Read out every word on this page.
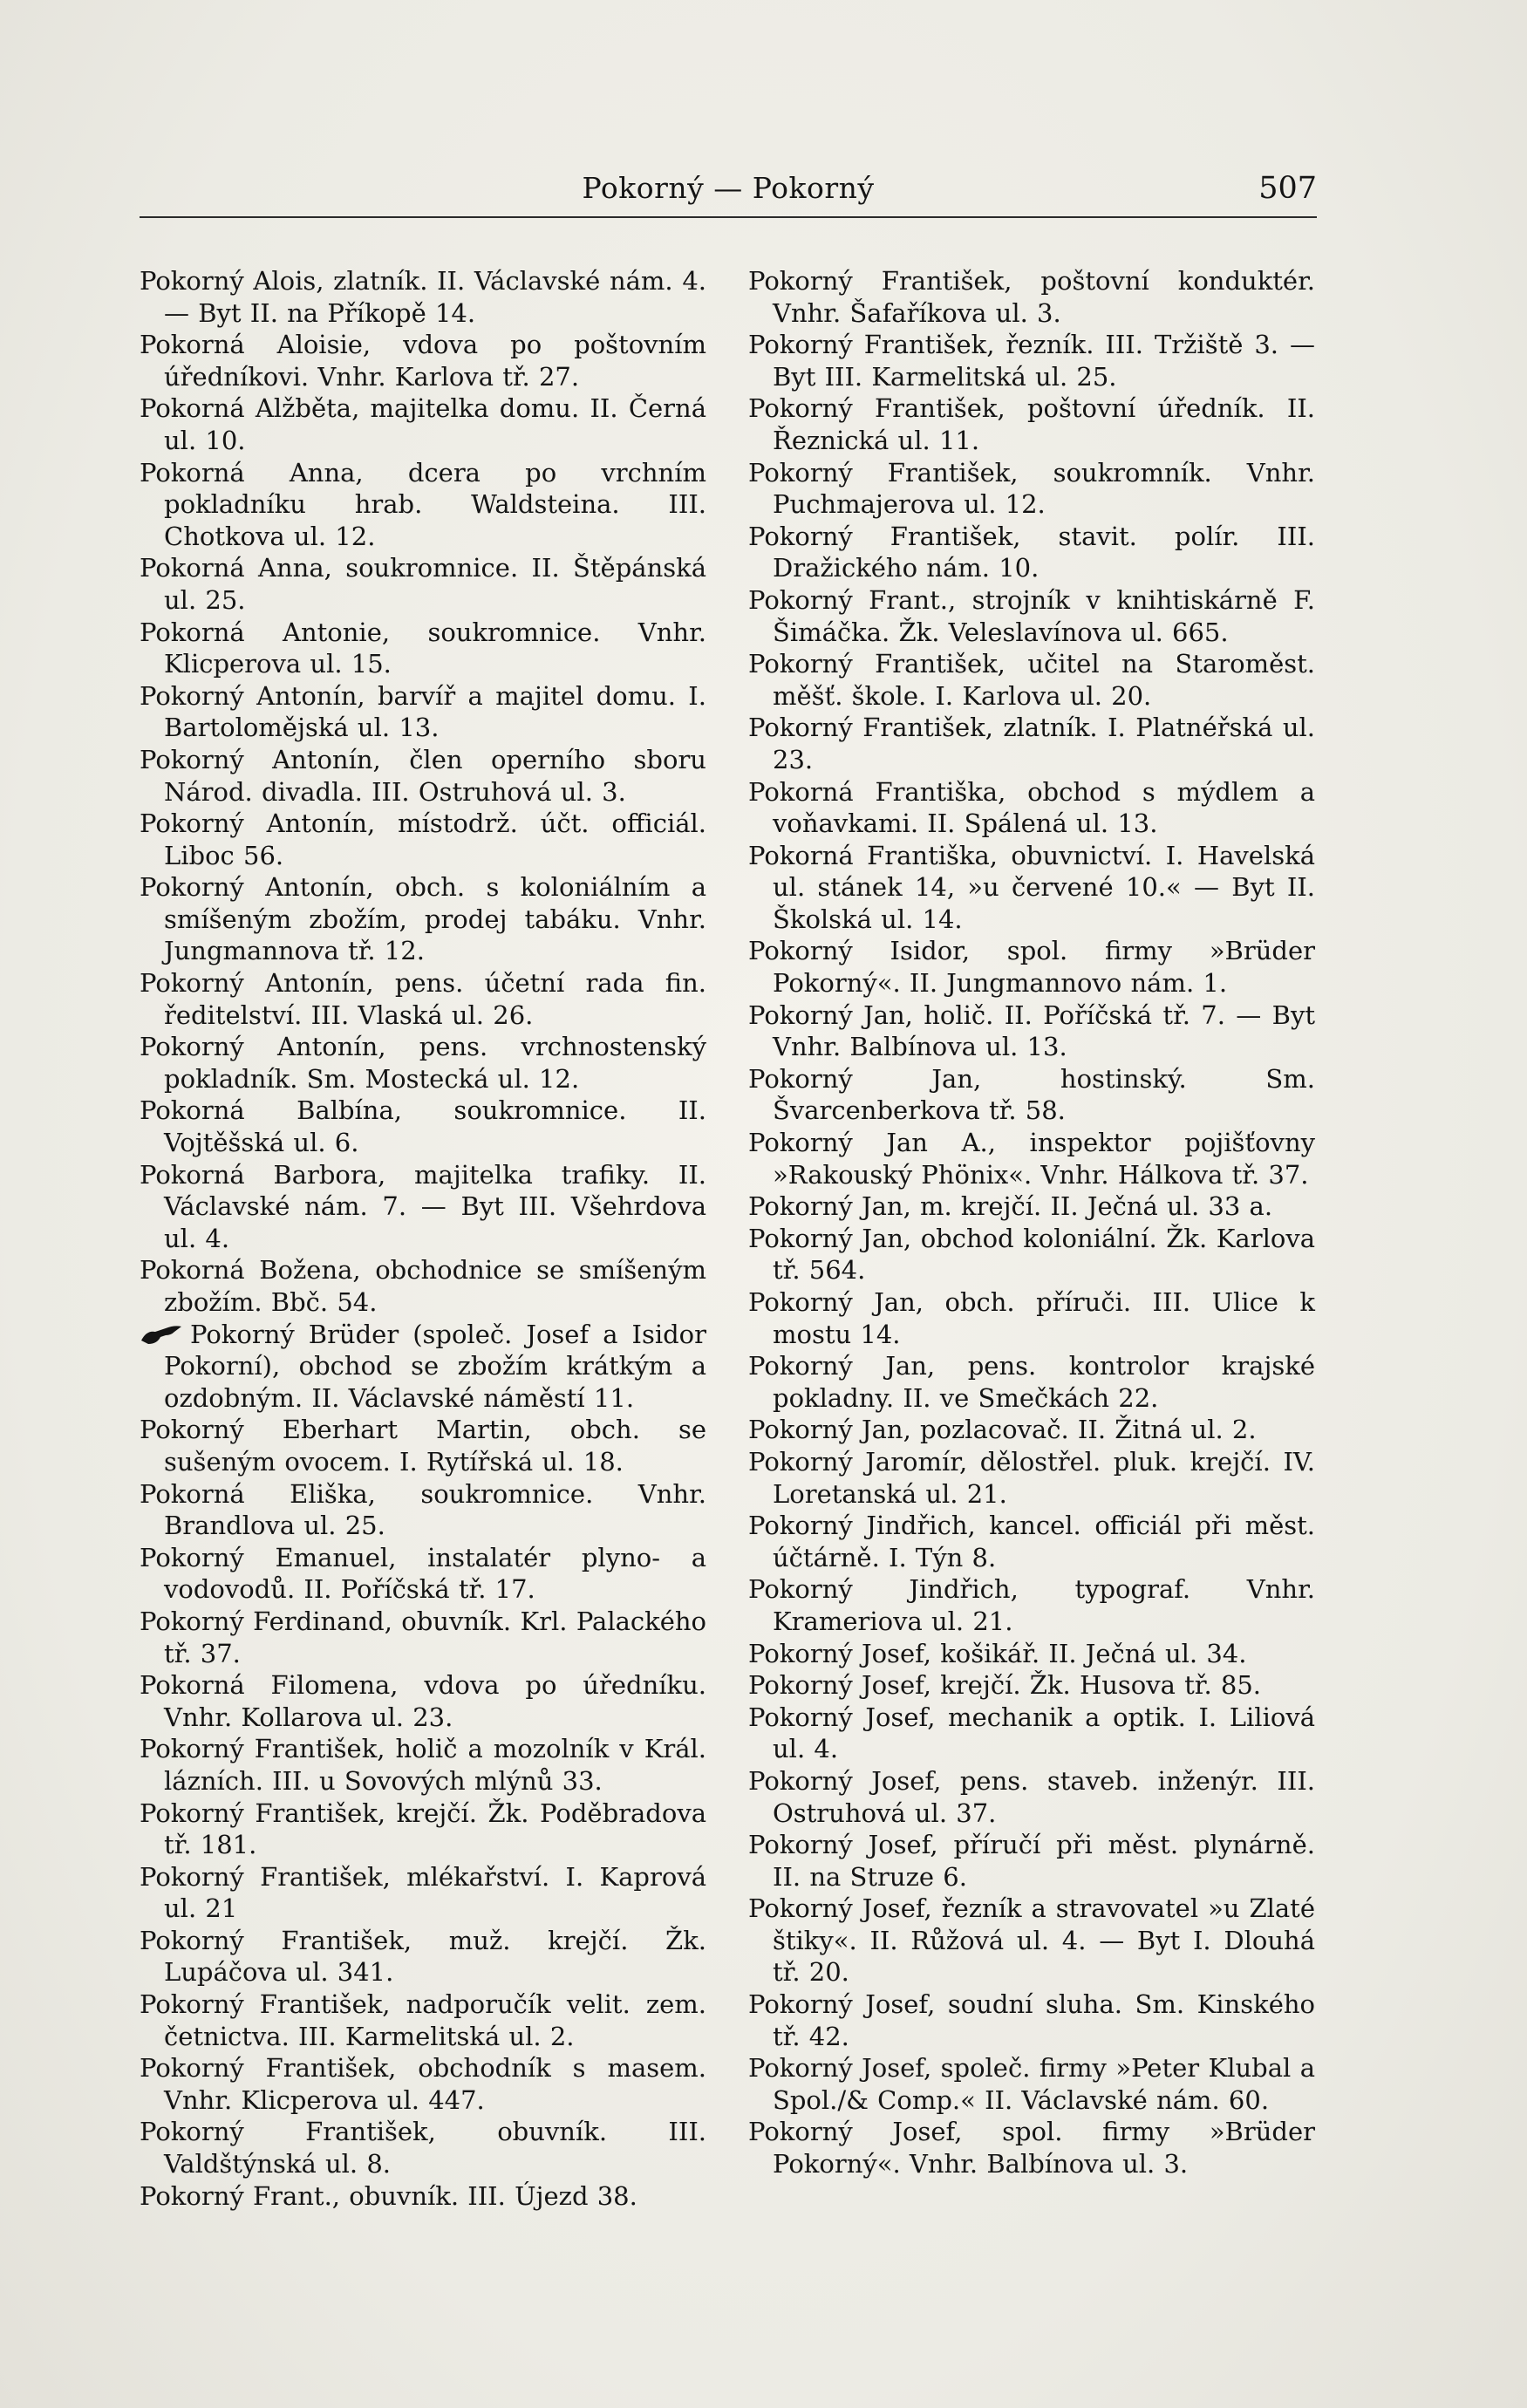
Pokorný — Pokorný	507

Pokorný Alois, zlatník. II. Václavské nám. 4. — Byt II. na Příkopě 14.

Pokorná Aloisie, vdova po poštovním úředníkovi. Vnhr. Karlova tř. 27.

Pokorná Alžběta, majitelka domu. II. Černá ul. 10.

Pokorná Anna, dcera po vrchním pokladníku hrab. Waldsteina. III. Chotkova ul. 12.

Pokorná Anna, soukromnice. II. Štěpánská ul. 25.

Pokorná Antonie, soukromnice. Vnhr. Klicperova ul. 15.

Pokorný Antonín, barvíř a majitel domu. I. Bartolomějská ul. 13.

Pokorný Antonín, člen operního sboru Národ. divadla. III. Ostruhová ul. 3.

Pokorný Antonín, místodrž. účt. officiál. Liboc 56.

Pokorný Antonín, obch. s koloniálním a smíšeným zbožím, prodej tabáku. Vnhr. Jungmannova tř. 12.

Pokorný Antonín, pens. účetní rada fin. ředitelství. III. Vlaská ul. 26.

Pokorný Antonín, pens. vrchnostenský pokladník. Sm. Mostecká ul. 12.

Pokorná Balbína, soukromnice. II. Vojtěšská ul. 6.

Pokorná Barbora, majitelka trafiky. II. Václavské nám. 7. — Byt III. Všehrdova ul. 4.

Pokorná Božena, obchodnice se smíšeným zbožím. Bbč. 54.

Pokorný Brüder (společ. Josef a Isidor Pokorní), obchod se zbožím krátkým a ozdobným. II. Václavské náměstí 11.

Pokorný Eberhart Martin, obch. se sušeným ovocem. I. Rytířská ul. 18.

Pokorná Eliška, soukromnice. Vnhr. Brandlova ul. 25.

Pokorný Emanuel, instalatér plyno- a vodovodů. II. Poříčská tř. 17.

Pokorný Ferdinand, obuvník. Krl. Palackého tř. 37.

Pokorná Filomena, vdova po úředníku. Vnhr. Kollarova ul. 23.

Pokorný František, holič a mozolník v Král. lázních. III. u Sovových mlýnů 33.

Pokorný František, krejčí. Žk. Poděbradova tř. 181.

Pokorný František, mlékařství. I. Kaprová ul. 21

Pokorný František, muž. krejčí. Žk. Lupáčova ul. 341.

Pokorný František, nadporučík velit. zem. četnictva. III. Karmelitská ul. 2.

Pokorný František, obchodník s masem. Vnhr. Klicperova ul. 447.

Pokorný František, obuvník. III. Valdštýnská ul. 8.

Pokorný Frant., obuvník. III. Újezd 38.

Pokorný František, poštovní konduktér. Vnhr. Šafaříkova ul. 3.

Pokorný František, řezník. III. Tržiště 3. — Byt III. Karmelitská ul. 25.

Pokorný František, poštovní úředník. II. Řeznická ul. 11.

Pokorný František, soukromník. Vnhr. Puchmajerova ul. 12.

Pokorný František, stavit. polír. III. Dražického nám. 10.

Pokorný Frant., strojník v knihtiskárně F. Šimáčka. Žk. Veleslavínova ul. 665.

Pokorný František, učitel na Staroměst. měšť. škole. I. Karlova ul. 20.

Pokorný František, zlatník. I. Platnéřská ul. 23.

Pokorná Františka, obchod s mýdlem a voňavkami. II. Spálená ul. 13.

Pokorná Františka, obuvnictví. I. Havelská ul. stánek 14, »u červené 10.« — Byt II. Školská ul. 14.

Pokorný Isidor, spol. firmy »Brüder Pokorný«. II. Jungmannovo nám. 1.

Pokorný Jan, holič. II. Poříčská tř. 7. — Byt Vnhr. Balbínova ul. 13.

Pokorný Jan, hostinský. Sm. Švarcenberkova tř. 58.

Pokorný Jan A., inspektor pojišťovny »Rakouský Phönix«. Vnhr. Hálkova tř. 37.

Pokorný Jan, m. krejčí. II. Ječná ul. 33 a.

Pokorný Jan, obchod koloniální. Žk. Karlova tř. 564.

Pokorný Jan, obch. příruči. III. Ulice k mostu 14.

Pokorný Jan, pens. kontrolor krajské pokladny. II. ve Smečkách 22.

Pokorný Jan, pozlacovač. II. Žitná ul. 2.

Pokorný Jaromír, dělostřel. pluk. krejčí. IV. Loretanská ul. 21.

Pokorný Jindřich, kancel. officiál při měst. účtárně. I. Týn 8.

Pokorný Jindřich, typograf. Vnhr. Krameriova ul. 21.

Pokorný Josef, košikář. II. Ječná ul. 34.

Pokorný Josef, krejčí. Žk. Husova tř. 85.

Pokorný Josef, mechanik a optik. I. Liliová ul. 4.

Pokorný Josef, pens. staveb. inženýr. III. Ostruhová ul. 37.

Pokorný Josef, příručí při měst. plynárně. II. na Struze 6.

Pokorný Josef, řezník a stravovatel »u Zlaté štiky«. II. Růžová ul. 4. — Byt I. Dlouhá tř. 20.

Pokorný Josef, soudní sluha. Sm. Kinského tř. 42.

Pokorný Josef, společ. firmy »Peter Klubal a Spol./& Comp.« II. Václavské nám. 60.

Pokorný Josef, spol. firmy »Brüder Pokorný«. Vnhr. Balbínova ul. 3.
